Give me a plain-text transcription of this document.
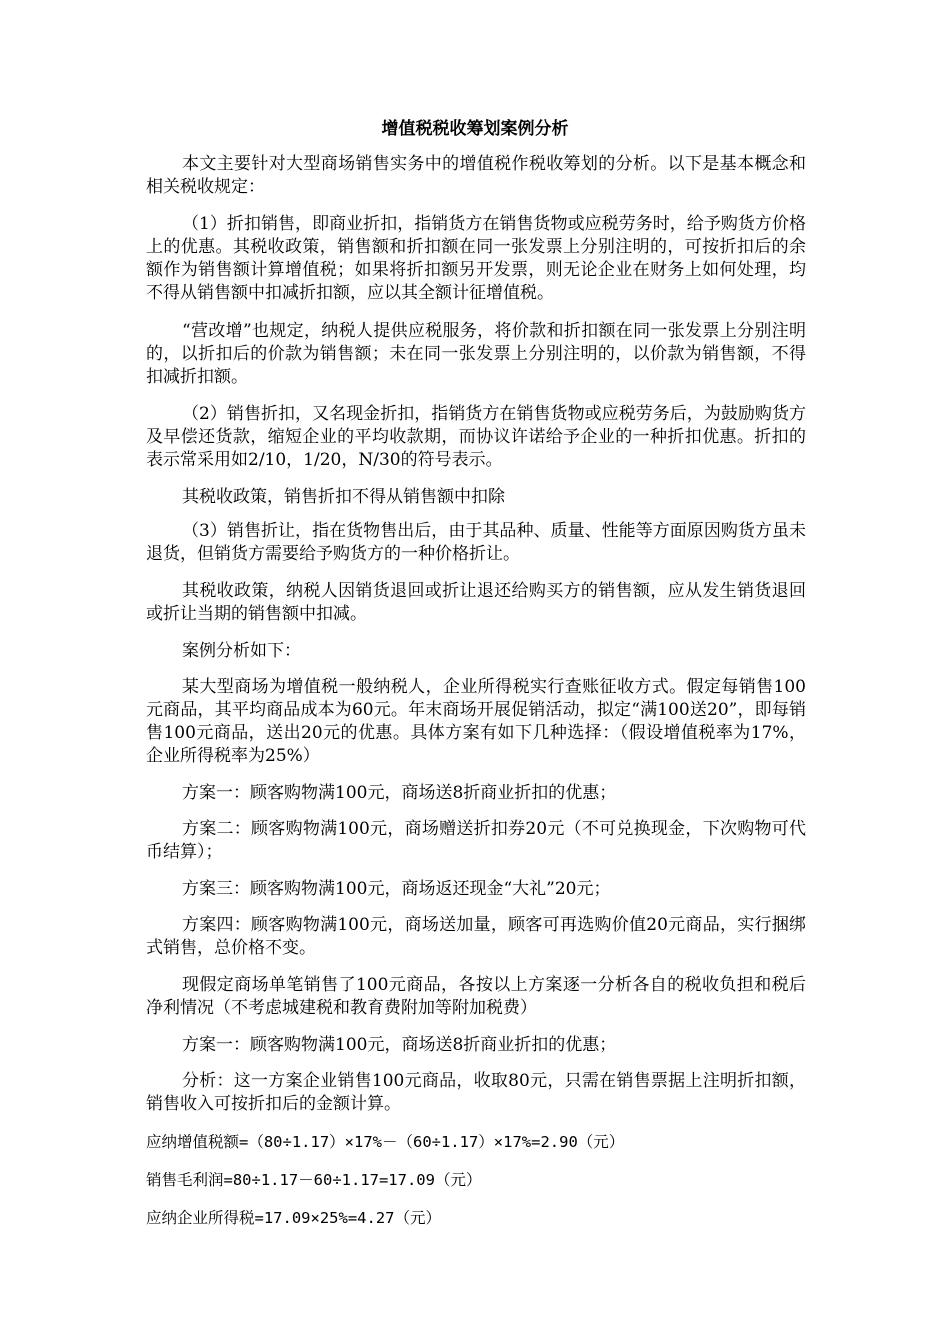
增值税税收筹划案例分析

本文主要针对大型商场销售实务中的增值税作税收筹划的分析。以下是基本概念和相关税收规定：

（1）折扣销售，即商业折扣，指销货方在销售货物或应税劳务时，给予购货方价格上的优惠。其税收政策，销售额和折扣额在同一张发票上分别注明的，可按折扣后的余额作为销售额计算增值税；如果将折扣额另开发票，则无论企业在财务上如何处理，均不得从销售额中扣减折扣额，应以其全额计征增值税。

“营改增”也规定，纳税人提供应税服务，将价款和折扣额在同一张发票上分别注明的，以折扣后的价款为销售额；未在同一张发票上分别注明的，以价款为销售额，不得扣减折扣额。

（2）销售折扣，又名现金折扣，指销货方在销售货物或应税劳务后，为鼓励购货方及早偿还货款，缩短企业的平均收款期，而协议许诺给予企业的一种折扣优惠。折扣的表示常采用如2/10，1/20，N/30的符号表示。

其税收政策，销售折扣不得从销售额中扣除

（3）销售折让，指在货物售出后，由于其品种、质量、性能等方面原因购货方虽未退货，但销货方需要给予购货方的一种价格折让。

其税收政策，纳税人因销货退回或折让退还给购买方的销售额，应从发生销货退回或折让当期的销售额中扣减。

案例分析如下：

某大型商场为增值税一般纳税人，企业所得税实行查账征收方式。假定每销售100元商品，其平均商品成本为60元。年末商场开展促销活动，拟定“满100送20”，即每销售100元商品，送出20元的优惠。具体方案有如下几种选择：（假设增值税率为17%，企业所得税率为25%）

方案一：顾客购物满100元，商场送8折商业折扣的优惠；

方案二：顾客购物满100元，商场赠送折扣券20元（不可兑换现金，下次购物可代币结算）；

方案三：顾客购物满100元，商场返还现金“大礼”20元；

方案四：顾客购物满100元，商场送加量，顾客可再选购价值20元商品，实行捆绑式销售，总价格不变。

现假定商场单笔销售了100元商品，各按以上方案逐一分析各自的税收负担和税后净利情况（不考虑城建税和教育费附加等附加税费）

方案一：顾客购物满100元，商场送8折商业折扣的优惠；

分析：这一方案企业销售100元商品，收取80元，只需在销售票据上注明折扣额，销售收入可按折扣后的金额计算。

应纳增值税额=（80÷1.17）×17%－（60÷1.17）×17%=2.90（元）

销售毛利润=80÷1.17－60÷1.17=17.09（元）

应纳企业所得税=17.09×25%=4.27（元）
